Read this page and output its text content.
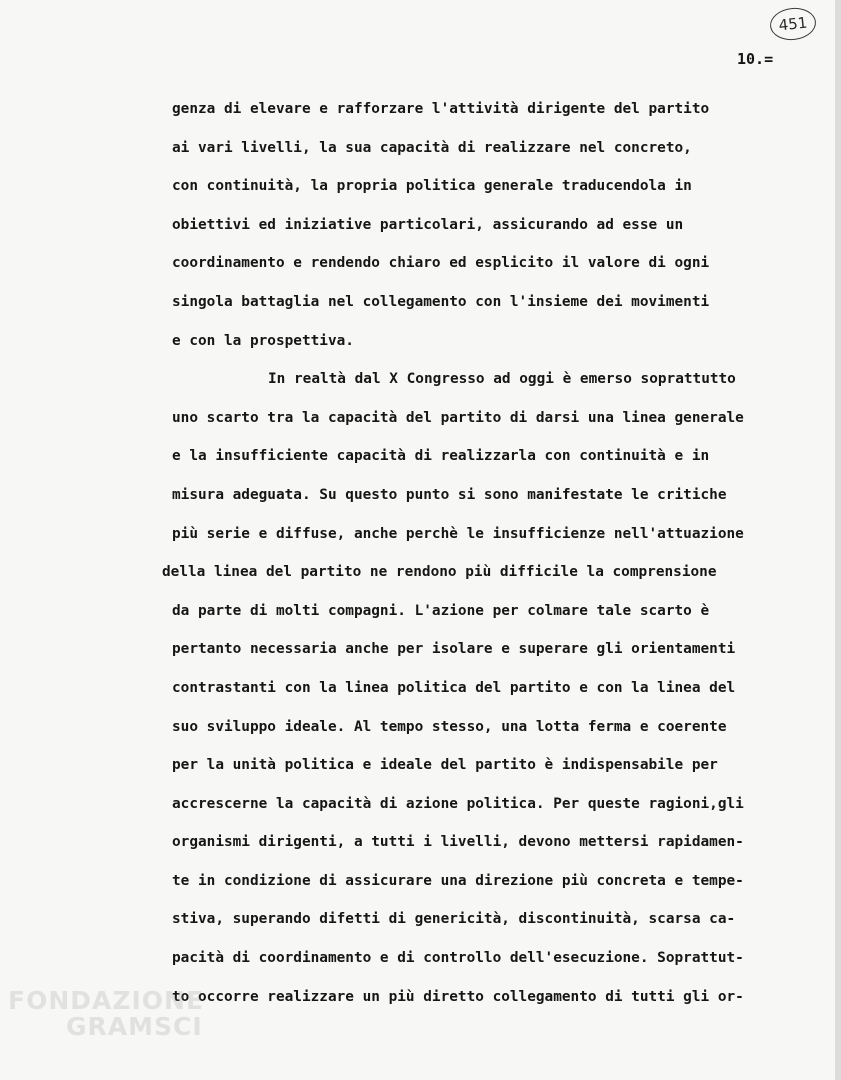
451
10.=
genza di elevare e rafforzare l'attività dirigente del partito
ai vari livelli, la sua capacità di realizzare nel concreto,
con continuità, la propria politica generale traducendola in
obiettivi ed iniziative particolari, assicurando ad esse un
coordinamento e rendendo chiaro ed esplicito il valore di ogni
singola battaglia nel collegamento con l'insieme dei movimenti
e con la prospettiva.
In realtà dal X Congresso ad oggi è emerso soprattutto
uno scarto tra la capacità del partito di darsi una linea generale
e la insufficiente capacità di realizzarla con continuità e in
misura adeguata. Su questo punto si sono manifestate le critiche
più serie e diffuse, anche perchè le insufficienze nell'attuazione
della linea del partito ne rendono più difficile la comprensione
da parte di molti compagni. L'azione per colmare tale scarto è
pertanto necessaria anche per isolare e superare gli orientamenti
contrastanti con la linea politica del partito e con la linea del
suo sviluppo ideale. Al tempo stesso, una lotta ferma e coerente
per la unità politica e ideale del partito è indispensabile per
accrescerne la capacità di azione politica. Per queste ragioni,gli
organismi dirigenti, a tutti i livelli, devono mettersi rapidamen-
te in condizione di assicurare una direzione più concreta e tempe-
stiva, superando difetti di genericità, discontinuità, scarsa ca-
pacità di coordinamento e di controllo dell'esecuzione. Soprattut-
to occorre realizzare un più diretto collegamento di tutti gli or-
FONDAZIONE
GRAMSCI
